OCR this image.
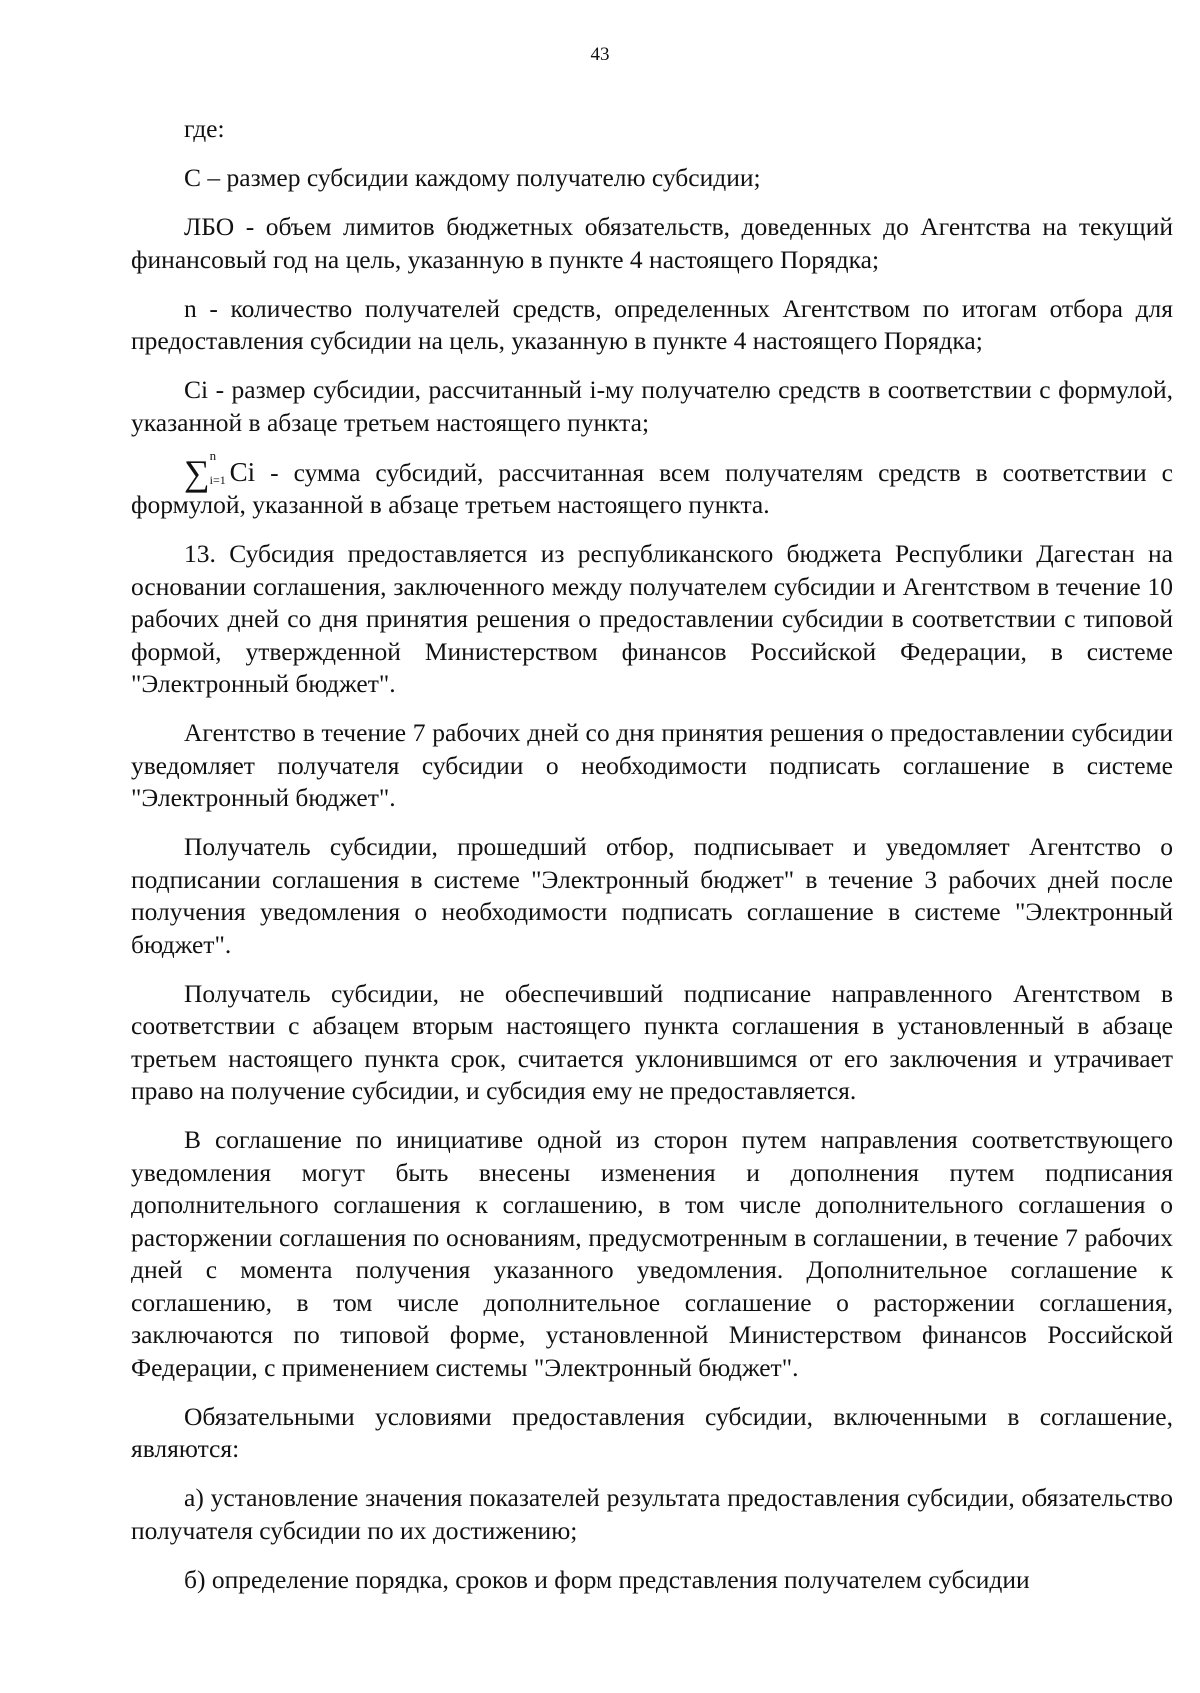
43

где:

С – размер субсидии каждому получателю субсидии;

ЛБО - объем лимитов бюджетных обязательств, доведенных до Агентства на текущий финансовый год на цель, указанную в пункте 4 настоящего Порядка;

n - количество получателей средств, определенных Агентством по итогам отбора для предоставления субсидии на цель, указанную в пункте 4 настоящего Порядка;

Ci - размер субсидии, рассчитанный i-му получателю средств в соответствии с формулой, указанной в абзаце третьем настоящего пункта;

∑ n
i=1 Ci - сумма субсидий, рассчитанная всем получателям средств в соответствии с формулой, указанной в абзаце третьем настоящего пункта.

13. Субсидия предоставляется из республиканского бюджета Республики Дагестан на основании соглашения, заключенного между получателем субсидии и Агентством в течение 10 рабочих дней со дня принятия решения о предоставлении субсидии в соответствии с типовой формой, утвержденной Министерством финансов Российской Федерации, в системе "Электронный бюджет".

Агентство в течение 7 рабочих дней со дня принятия решения о предоставлении субсидии уведомляет получателя субсидии о необходимости подписать соглашение в системе "Электронный бюджет".

Получатель субсидии, прошедший отбор, подписывает и уведомляет Агентство о подписании соглашения в системе "Электронный бюджет" в течение 3 рабочих дней после получения уведомления о необходимости подписать соглашение в системе "Электронный бюджет".

Получатель субсидии, не обеспечивший подписание направленного Агентством в соответствии с абзацем вторым настоящего пункта соглашения в установленный в абзаце третьем настоящего пункта срок, считается уклонившимся от его заключения и утрачивает право на получение субсидии, и субсидия ему не предоставляется.

В соглашение по инициативе одной из сторон путем направления соответствующего уведомления могут быть внесены изменения и дополнения путем подписания дополнительного соглашения к соглашению, в том числе дополнительного соглашения о расторжении соглашения по основаниям, предусмотренным в соглашении, в течение 7 рабочих дней с момента получения указанного уведомления. Дополнительное соглашение к соглашению, в том числе дополнительное соглашение о расторжении соглашения, заключаются по типовой форме, установленной Министерством финансов Российской Федерации, с применением системы "Электронный бюджет".

Обязательными условиями предоставления субсидии, включенными в соглашение, являются:

а) установление значения показателей результата предоставления субсидии, обязательство получателя субсидии по их достижению;

б) определение порядка, сроков и форм представления получателем субсидии
